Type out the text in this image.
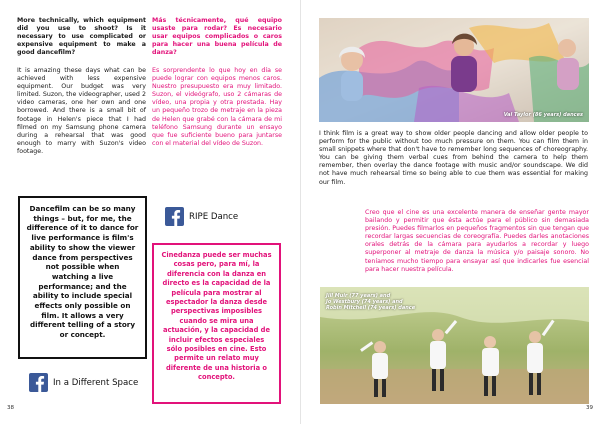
More technically, which equipment did you use to shoot? Is it necessary to use complicated or expensive equipment to make a good dancefilm?
Más técnicamente, qué equipo usaste para rodar? Es necesario usar equipos complicados o caros para hacer una buena película de danza?
It is amazing these days what can be achieved with less expensive equipment. Our budget was very limited. Suzon, the videographer, used 2 video cameras, one her own and one borrowed. And there is a small bit of footage in Helen's piece that I had filmed on my Samsung phone camera during a rehearsal that was good enough to marry with Suzon's video footage.
Es sorprendente lo que hoy en día se puede lograr con equipos menos caros. Nuestro presupuesto era muy limitado. Suzon, el videógrafo, uso 2 cámaras de vídeo, una propia y otra prestada. Hay un pequeño trozo de metraje en la pieza de Helen que grabé con la cámara de mi teléfono Samsung durante un ensayo que fue suficiente bueno para juntarse con el material del vídeo de Suzon.
Dancefilm can be so many things – but, for me, the difference of it to dance for live performance is film's ability to show the viewer dance from perspectives not possible when watching a live performance; and the ability to include special effects only possible on film. It allows a very different telling of a story or concept.
RIPE Dance
Cinedanza puede ser muchas cosas pero, para mí, la diferencia con la danza en directo es la capacidad de la película para mostrar al espectador la danza desde perspectivas imposibles cuando se mira una actuación, y la capacidad de incluir efectos especiales sólo posibles en cine. Esto permite un relato muy diferente de una historia o concepto.
In a Different Space
38
Val Taylor (86 years) dances
I think film is a great way to show older people dancing and allow older people to perform for the public without too much pressure on them. You can film them in small snippets where that don't have to remember long sequences of choreography. You can be giving them verbal cues from behind the camera to help them remember, then overlay the dance footage with music and/or soundscape. We did not have much rehearsal time so being able to cue them was essential for making our film.
Creo que el cine es una excelente manera de enseñar gente mayor bailando y permitir que ésta actúe para el público sin demasiada presión. Puedes filmarlos en pequeños fragmentos sin que tengan que recordar largas secuencias de coreografía. Puedes darles anotaciones orales detrás de la cámara para ayudarlos a recordar y luego superponer al metraje de danza la música y/o paisaje sonoro. No teníamos mucho tiempo para ensayar así que indicarles fue esencial para hacer nuestra película.
Jill Muir (77 years) and
Jo Westbury (74 years) and
Robin Mitchell (74 years) dance
39
